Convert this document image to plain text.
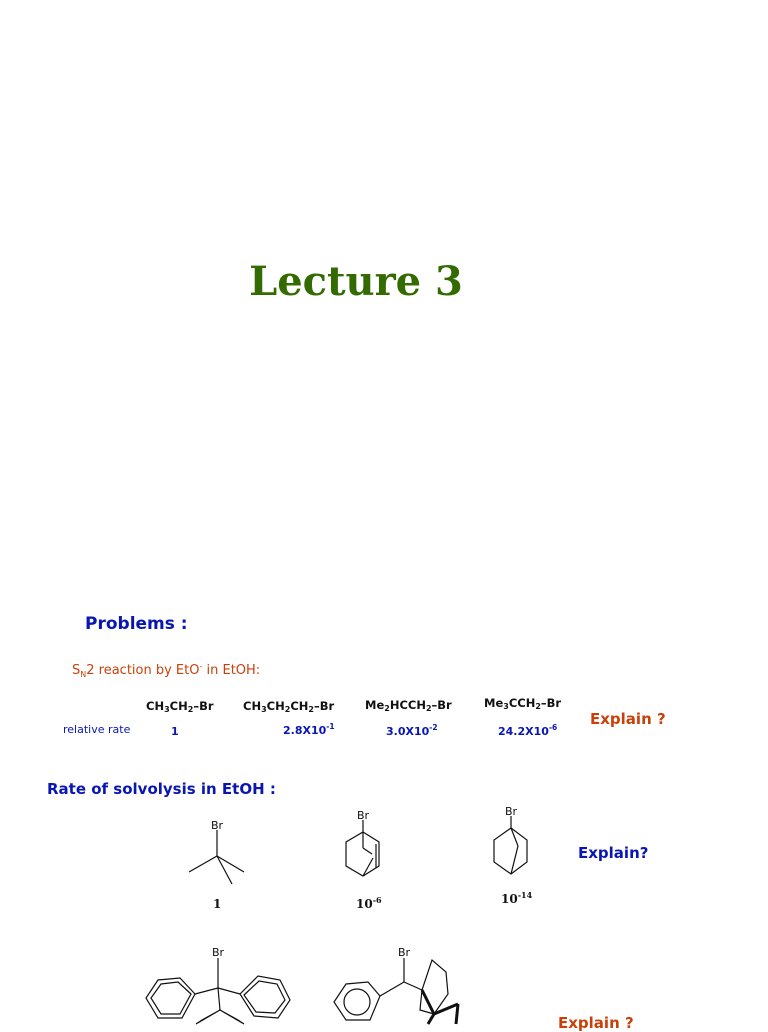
Lecture 3
Problems :
$S_N2$ reaction by EtO- in EtOH:
$CH_3CH_2-Br$	$CH_3CH_2CH_2-Br$	$Me_2HCCH_2-Br$	$Me_3CCH_2-Br$
Explain ?
relative rate	1	$2.8X10^{-1}$	$3.0X10^{-2}$	$24.2X10^{-6}$
Rate of solvolysis in EtOH :
Br
1
Br
$10^{-6}$
Br
$10^{-14}$
Explain?
Br	Br
Explain ?
